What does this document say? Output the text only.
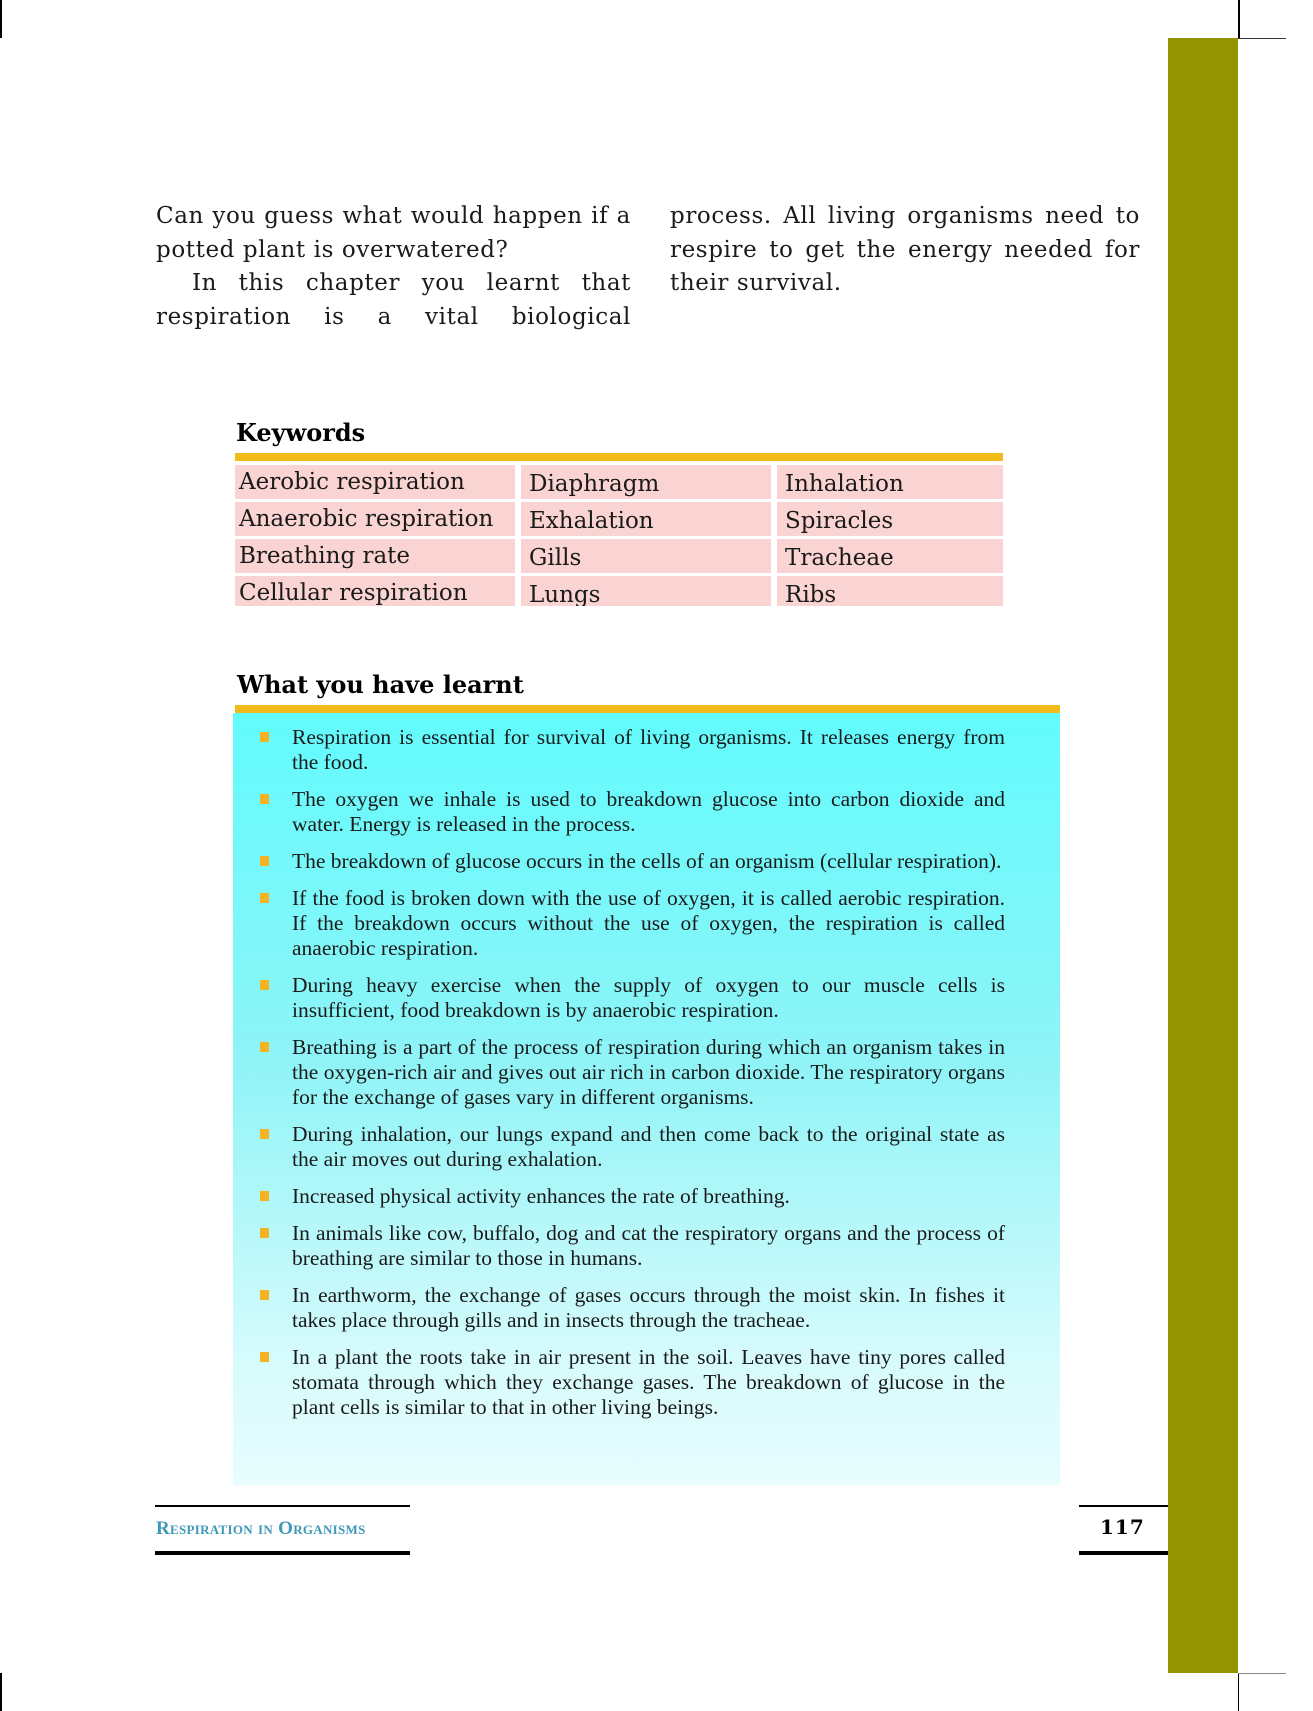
Can you guess what would happen if a potted plant is overwatered?

In this chapter you learnt that respiration is a vital biological

process. All living organisms need to respire to get the energy needed for their survival.

Keywords
Aerobic respiration	Diaphragm	Inhalation
Anaerobic respiration	Exhalation	Spiracles
Breathing rate	Gills	Tracheae
Cellular respiration	Lungs	Ribs
What you have learnt
Respiration is essential for survival of living organisms. It releases energy from the food.
The oxygen we inhale is used to breakdown glucose into carbon dioxide and water. Energy is released in the process.
The breakdown of glucose occurs in the cells of an organism (cellular respiration).
If the food is broken down with the use of oxygen, it is called aerobic respiration. If the breakdown occurs without the use of oxygen, the respiration is called anaerobic respiration.
During heavy exercise when the supply of oxygen to our muscle cells is insufficient, food breakdown is by anaerobic respiration.
Breathing is a part of the process of respiration during which an organism takes in the oxygen-rich air and gives out air rich in carbon dioxide. The respiratory organs for the exchange of gases vary in different organisms.
During inhalation, our lungs expand and then come back to the original state as the air moves out during exhalation.
Increased physical activity enhances the rate of breathing.
In animals like cow, buffalo, dog and cat the respiratory organs and the process of breathing are similar to those in humans.
In earthworm, the exchange of gases occurs through the moist skin. In fishes it takes place through gills and in insects through the tracheae.
In a plant the roots take in air present in the soil. Leaves have tiny pores called stomata through which they exchange gases. The breakdown of glucose in the plant cells is similar to that in other living beings.
Respiration in Organisms	117
